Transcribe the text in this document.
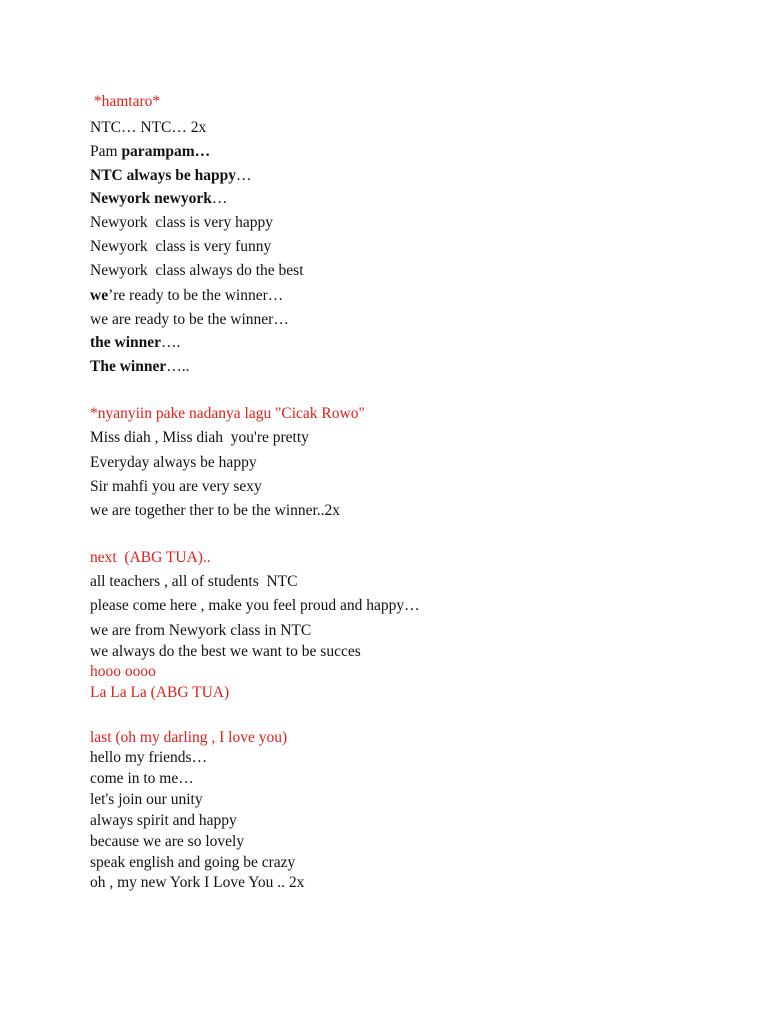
*hamtaro*
NTC… NTC… 2x
Pam parampam…
NTC always be happy…
Newyork newyork…
Newyork  class is very happy
Newyork  class is very funny
Newyork  class always do the best
we’re ready to be the winner…
we are ready to be the winner…
the winner….
The winner…..
*nyanyiin pake nadanya lagu "Cicak Rowo"
Miss diah , Miss diah  you're pretty
Everyday always be happy
Sir mahfi you are very sexy
we are together ther to be the winner..2x
next  (ABG TUA)..
all teachers , all of students  NTC
please come here , make you feel proud and happy…
we are from Newyork class in NTC
we always do the best we want to be succes
hooo oooo
La La La (ABG TUA)
last (oh my darling , I love you)
hello my friends…
come in to me…
let's join our unity
always spirit and happy
because we are so lovely
speak english and going be crazy
oh , my new York I Love You .. 2x
